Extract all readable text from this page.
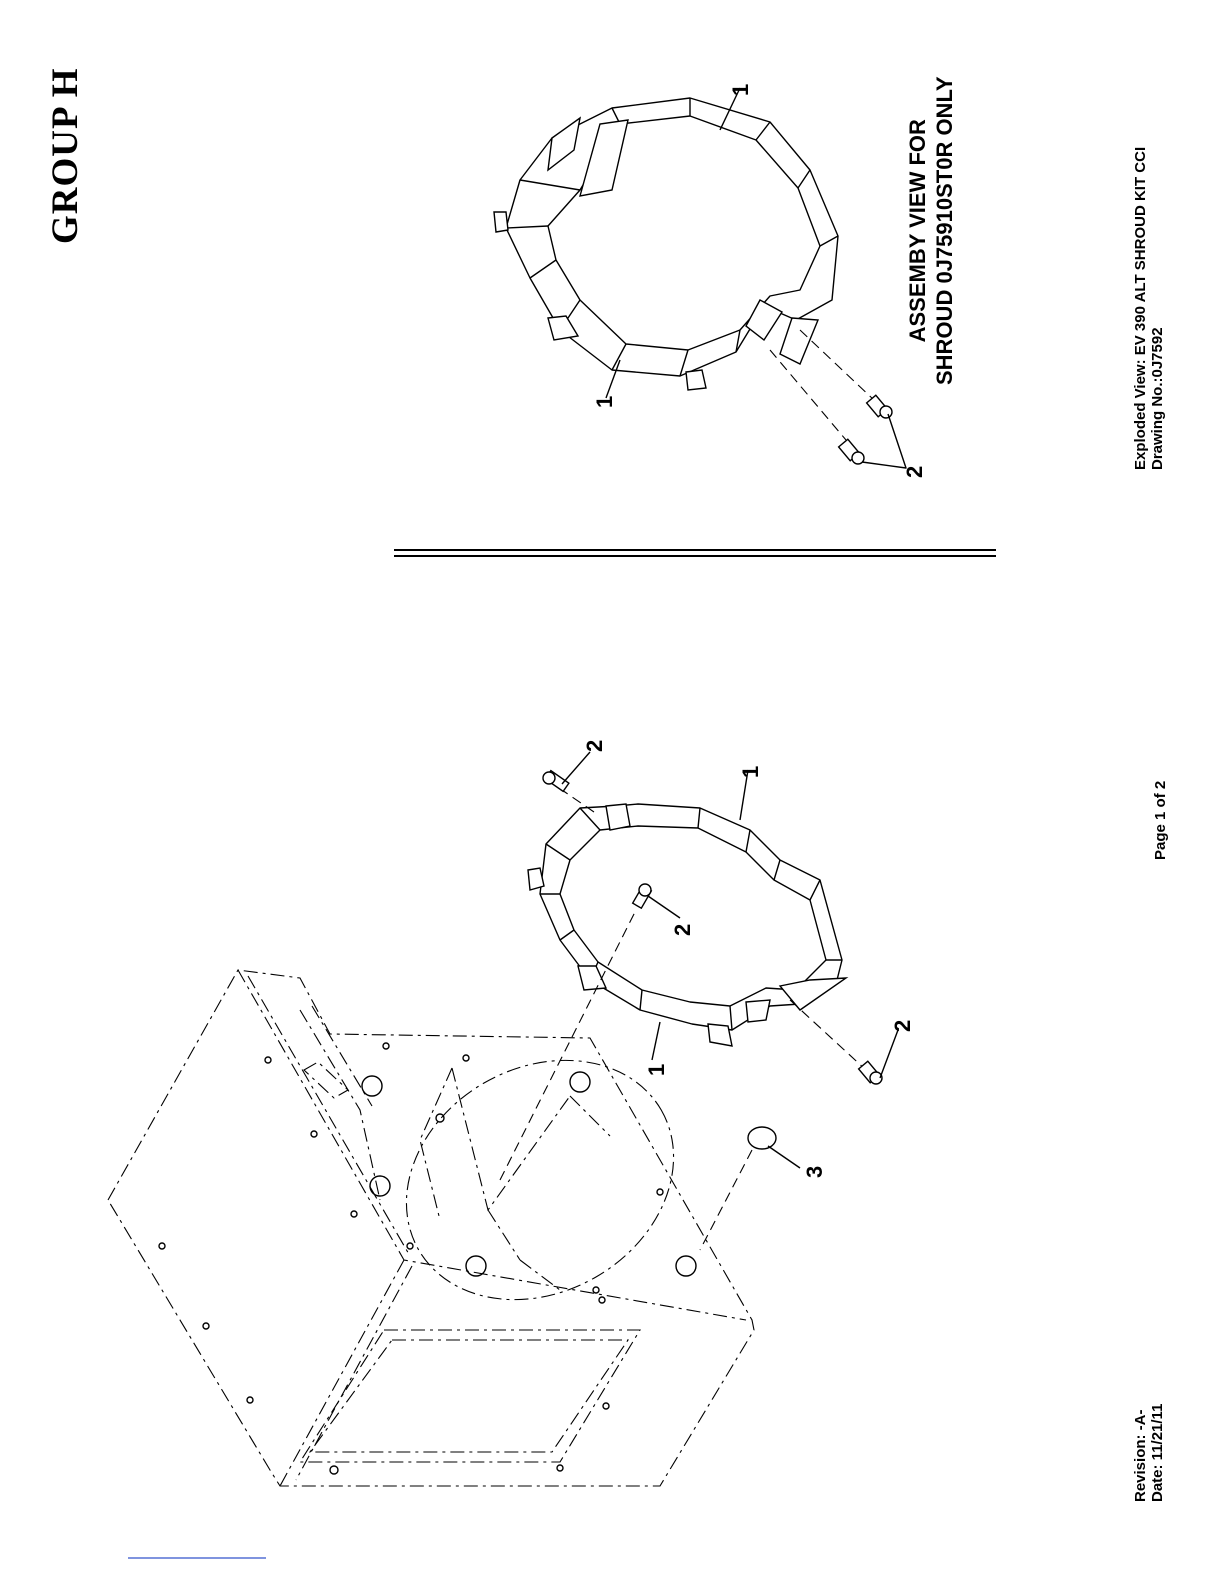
GROUP H	ASSEMBY VIEW FOR SHROUD 0J75910ST0R ONLY	Exploded View: EV 390 ALT SHROUD KIT CCI Drawing No.:0J7592
Page 1 of 2
Revision: -A- Date: 11/21/11
1
1
2
1
2
2
2
1
3
